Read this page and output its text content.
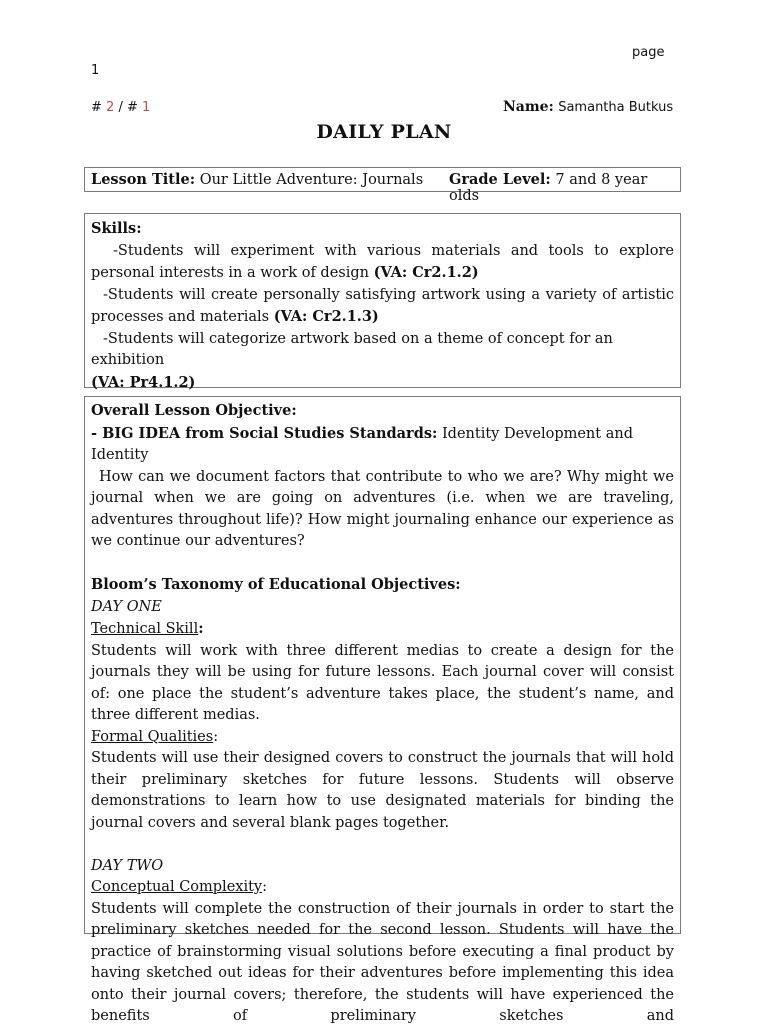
page
1
# 2 / # 1	Name: Samantha Butkus
DAILY PLAN
Lesson Title: Our Little Adventure: Journals Grade Level: 7 and 8 year olds

Skills:

-Students will experiment with various materials and tools to explore personal interests in a work of design (VA: Cr2.1.2)

-Students will create personally satisfying artwork using a variety of artistic processes and materials (VA: Cr2.1.3)

-Students will categorize artwork based on a theme of concept for an exhibition
(VA: Pr4.1.2)

Overall Lesson Objective:

- BIG IDEA from Social Studies Standards: Identity Development and Identity

How can we document factors that contribute to who we are? Why might we journal when we are going on adventures (i.e. when we are traveling, adventures throughout life)? How might journaling enhance our experience as we continue our adventures?

Bloom’s Taxonomy of Educational Objectives:

DAY ONE

Technical Skill:

Students will work with three different medias to create a design for the journals they will be using for future lessons. Each journal cover will consist of: one place the student’s adventure takes place, the student’s name, and three different medias.

Formal Qualities:

Students will use their designed covers to construct the journals that will hold their preliminary sketches for future lessons. Students will observe demonstrations to learn how to use designated materials for binding the journal covers and several blank pages together.

DAY TWO

Conceptual Complexity:

Students will complete the construction of their journals in order to start the preliminary sketches needed for the second lesson. Students will have the practice of brainstorming visual solutions before executing a final product by having sketched out ideas for their adventures before implementing this idea onto their journal covers; therefore, the students will have experienced the benefits of preliminary sketches and
